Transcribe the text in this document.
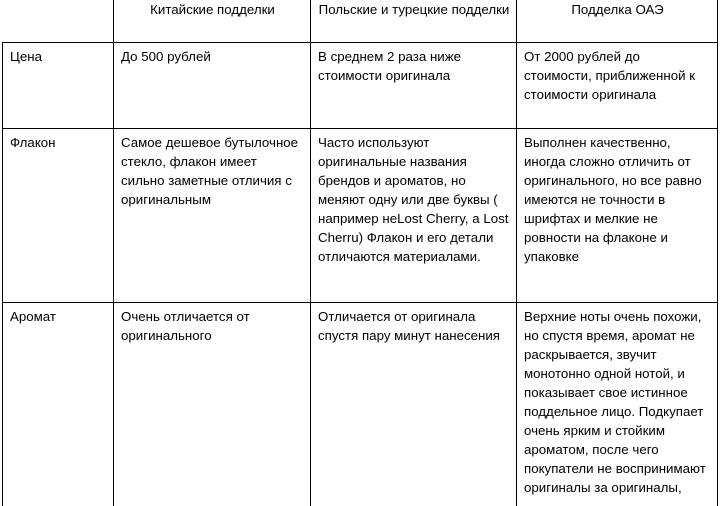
	Китайские подделки	Польские и турецкие подделки	Подделка ОАЭ

Цена	До 500 рублей	В среднем 2 раза ниже стоимости оригинала	От 2000 рублей до стоимости, приближенной к стоимости оригинала

Флакон	Самое дешевое бутылочное стекло, флакон имеет сильно заметные отличия с оригинальным	Часто используют оригинальные названия брендов и ароматов, но меняют одну или две буквы ( например неLost Cherry, a Lost Cherru) Флакон и его детали отличаются материалами.	Выполнен качественно, иногда сложно отличить от оригинального, но все равно имеются не точности в шрифтах и мелкие не ровности на флаконе и упаковке

Аромат	Очень отличается от оригинального	Отличается от оригинала спустя пару минут нанесения	Верхние ноты очень похожи, но спустя время, аромат не раскрывается, звучит монотонно одной нотой, и показывает свое истинное поддельное лицо. Подкупает очень ярким и стойким ароматом, после чего покупатели не воспринимают оригиналы за оригиналы,
